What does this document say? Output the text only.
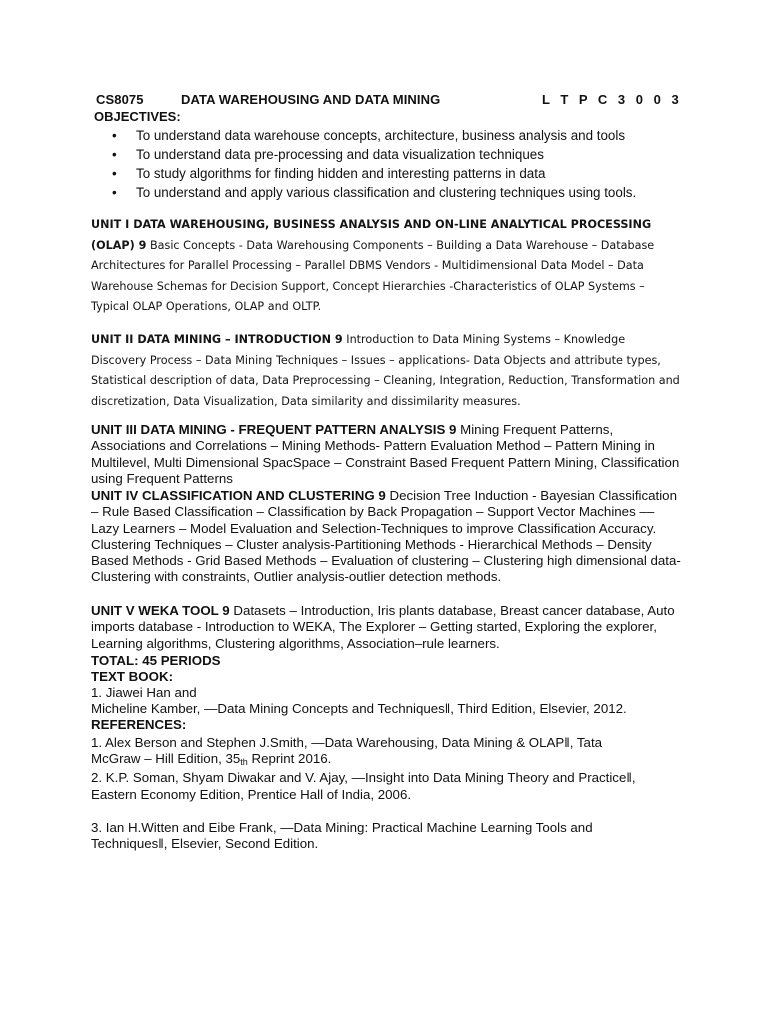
CS8075	DATA WAREHOUSING AND DATA MINING	L T P C 3 0 0 3
OBJECTIVES:
• To understand data warehouse concepts, architecture, business analysis and tools
• To understand data pre-processing and data visualization techniques
• To study algorithms for finding hidden and interesting patterns in data
• To understand and apply various classification and clustering techniques using tools.
UNIT I DATA WAREHOUSING, BUSINESS ANALYSIS AND ON-LINE ANALYTICAL PROCESSING (OLAP) 9 Basic Concepts - Data Warehousing Components – Building a Data Warehouse – Database Architectures for Parallel Processing – Parallel DBMS Vendors - Multidimensional Data Model – Data Warehouse Schemas for Decision Support, Concept Hierarchies -Characteristics of OLAP Systems – Typical OLAP Operations, OLAP and OLTP.
UNIT II DATA MINING – INTRODUCTION 9 Introduction to Data Mining Systems – Knowledge Discovery Process – Data Mining Techniques – Issues – applications- Data Objects and attribute types, Statistical description of data, Data Preprocessing – Cleaning, Integration, Reduction, Transformation and discretization, Data Visualization, Data similarity and dissimilarity measures.
UNIT III DATA MINING - FREQUENT PATTERN ANALYSIS 9 Mining Frequent Patterns, Associations and Correlations – Mining Methods- Pattern Evaluation Method – Pattern Mining in Multilevel, Multi Dimensional SpacSpace – Constraint Based Frequent Pattern Mining, Classification using Frequent Patterns
UNIT IV CLASSIFICATION AND CLUSTERING 9 Decision Tree Induction - Bayesian Classification – Rule Based Classification – Classification by Back Propagation – Support Vector Machines –– Lazy Learners – Model Evaluation and Selection-Techniques to improve Classification Accuracy. Clustering Techniques – Cluster analysis-Partitioning Methods - Hierarchical Methods – Density Based Methods - Grid Based Methods – Evaluation of clustering – Clustering high dimensional data- Clustering with constraints, Outlier analysis-outlier detection methods.
UNIT V WEKA TOOL 9 Datasets – Introduction, Iris plants database, Breast cancer database, Auto imports database - Introduction to WEKA, The Explorer – Getting started, Exploring the explorer, Learning algorithms, Clustering algorithms, Association–rule learners.
TOTAL: 45 PERIODS
TEXT BOOK:
1. Jiawei Han and
Micheline Kamber, ―Data Mining Concepts and Techniques‖, Third Edition, Elsevier, 2012.
REFERENCES:
1. Alex Berson and Stephen J.Smith, ―Data Warehousing, Data Mining & OLAP‖, Tata
McGraw – Hill Edition, $35_{th}$ Reprint 2016.
2. K.P. Soman, Shyam Diwakar and V. Ajay, ―Insight into Data Mining Theory and Practice‖,
Eastern Economy Edition, Prentice Hall of India, 2006.
3. Ian H.Witten and Eibe Frank, ―Data Mining: Practical Machine Learning Tools and
Techniques‖, Elsevier, Second Edition.
